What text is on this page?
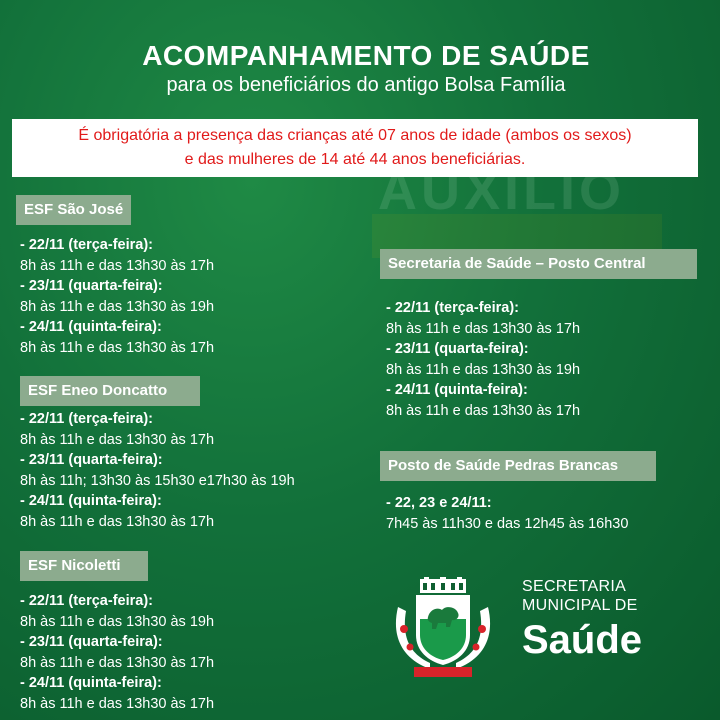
AUXÍLIO
ACOMPANHAMENTO DE SAÚDE
para os beneficiários do antigo Bolsa Família
É obrigatória a presença das crianças até 07 anos de idade (ambos os sexos)
e das mulheres de 14 até 44 anos beneficiárias.
ESF São José
- 22/11 (terça-feira):
8h às 11h e das 13h30 às 17h
- 23/11 (quarta-feira):
8h às 11h e das 13h30 às 19h
- 24/11 (quinta-feira):
8h às 11h e das 13h30 às 17h
ESF Eneo Doncatto
- 22/11 (terça-feira):
8h às 11h e das 13h30 às 17h
- 23/11 (quarta-feira):
8h às 11h; 13h30 às 15h30 e17h30 às 19h
- 24/11 (quinta-feira):
8h às 11h e das 13h30 às 17h
ESF Nicoletti
- 22/11 (terça-feira):
8h às 11h e das 13h30 às 19h
- 23/11 (quarta-feira):
8h às 11h e das 13h30 às 17h
- 24/11 (quinta-feira):
8h às 11h e das 13h30 às 17h
Secretaria de Saúde – Posto Central
- 22/11 (terça-feira):
8h às 11h e das 13h30 às 17h
- 23/11 (quarta-feira):
8h às 11h e das 13h30 às 19h
- 24/11 (quinta-feira):
8h às 11h e das 13h30 às 17h
Posto de Saúde Pedras Brancas
- 22, 23 e 24/11:
7h45 às 11h30 e das 12h45 às 16h30
SECRETARIA
MUNICIPAL DE
Saúde
